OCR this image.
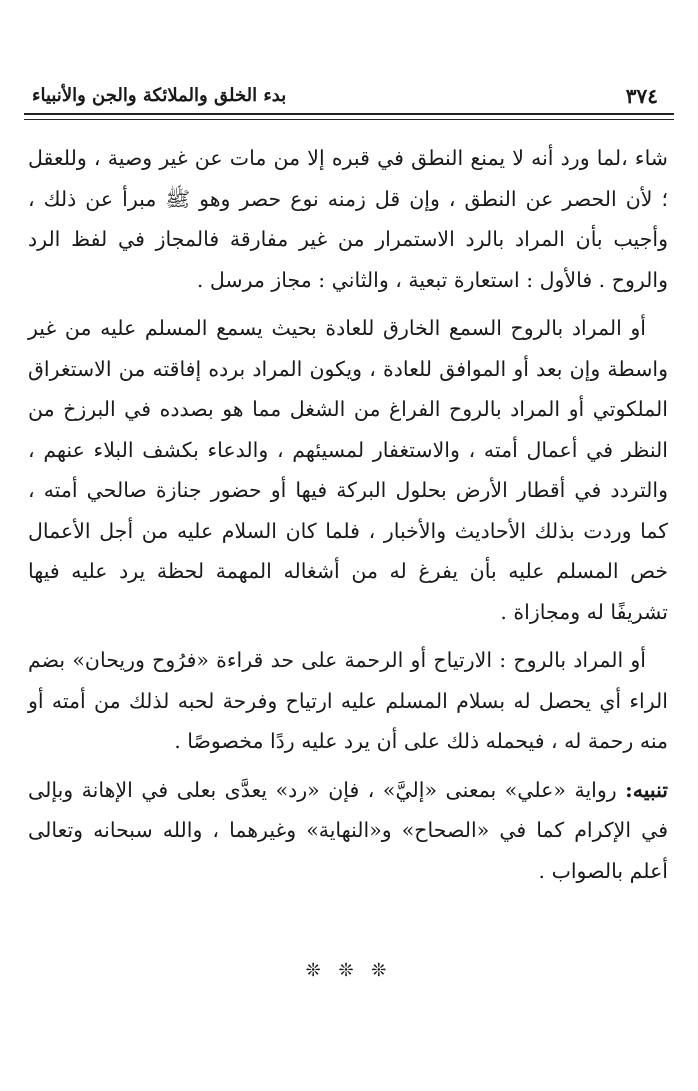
٣٧٤
بدء الخلق والملائكة والجن والأنبياء

شاء ،لما ورد أنه لا يمنع النطق في قبره إلا من مات عن غير وصية ، وللعقل ؛ لأن الحصر عن النطق ، وإن قل زمنه نوع حصر وهو ﷺ مبرأ عن ذلك ، وأجيب بأن المراد بالرد الاستمرار من غير مفارقة فالمجاز في لفظ الرد والروح . فالأول : استعارة تبعية ، والثاني : مجاز مرسل .

أو المراد بالروح السمع الخارق للعادة بحيث يسمع المسلم عليه من غير واسطة وإن بعد أو الموافق للعادة ، ويكون المراد برده إفاقته من الاستغراق الملكوتي أو المراد بالروح الفراغ من الشغل مما هو بصدده في البرزخ من النظر في أعمال أمته ، والاستغفار لمسيئهم ، والدعاء بكشف البلاء عنهم ، والتردد في أقطار الأرض بحلول البركة فيها أو حضور جنازة صالحي أمته ، كما وردت بذلك الأحاديث والأخبار ، فلما كان السلام عليه من أجل الأعمال خص المسلم عليه بأن يفرغ له من أشغاله المهمة لحظة يرد عليه فيها تشريفًا له ومجازاة .

أو المراد بالروح : الارتياح أو الرحمة على حد قراءة «فرُوح وريحان» بضم الراء أي يحصل له بسلام المسلم عليه ارتياح وفرحة لحبه لذلك من أمته أو منه رحمة له ، فيحمله ذلك على أن يرد عليه ردًا مخصوصًا .

تنبيه: رواية «علي» بمعنى «إليَّ» ، فإن «رد» يعدَّى بعلى في الإهانة وبإلى في الإكرام كما في «الصحاح» و«النهاية» وغيرهما ، والله سبحانه وتعالى أعلم بالصواب .

❊ ❊ ❊
